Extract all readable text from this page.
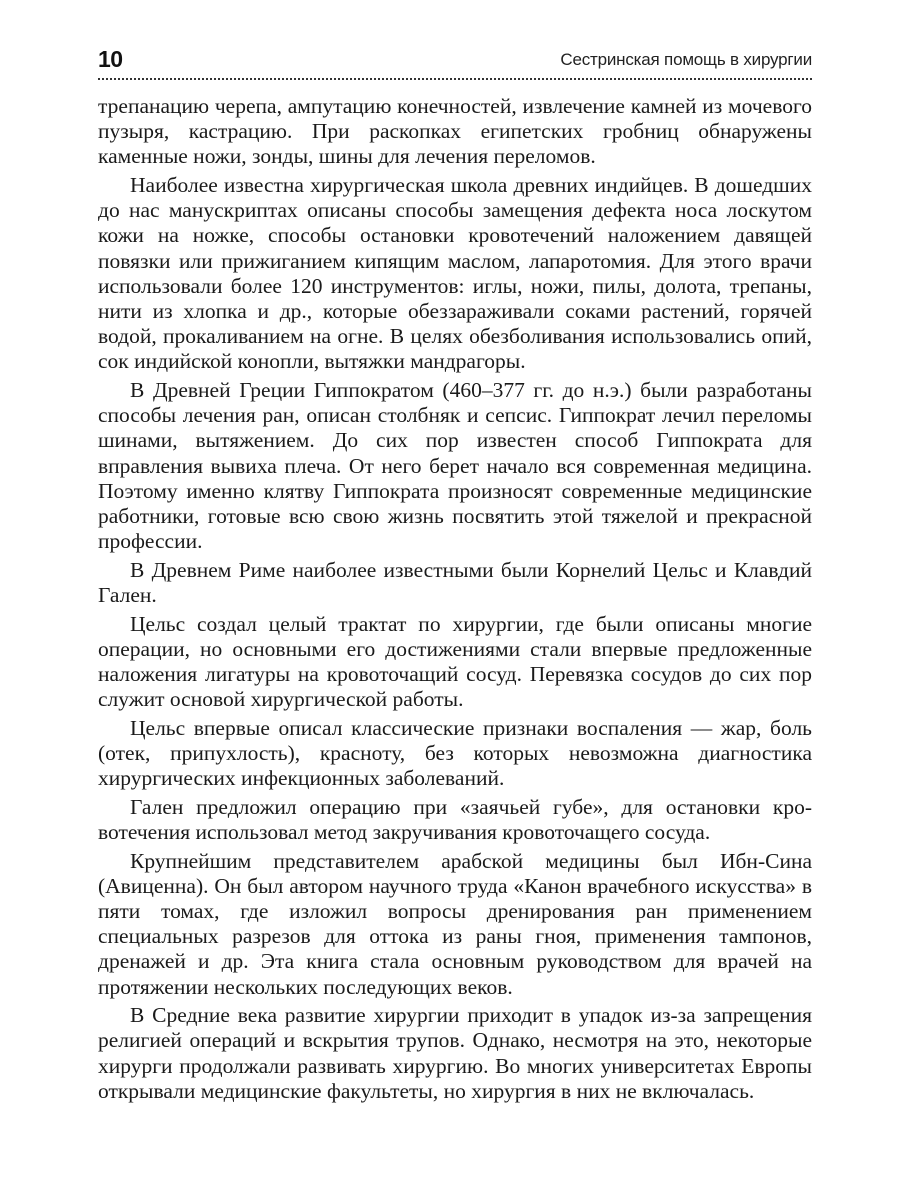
10	Сестринская помощь в хирургии

трепанацию черепа, ампутацию конечностей, извлечение камней из мочевого пузыря, кастрацию. При раскопках египетских гробниц обнаружены каменные ножи, зонды, шины для лечения переломов.

Наиболее известна хирургическая школа древних индийцев. В дошедших до нас манускриптах описаны способы замещения дефекта носа лоскутом кожи на ножке, способы остановки кровотечений наложением давящей повязки или прижиганием кипящим маслом, лапаротомия. Для этого врачи использовали более 120 инструментов: иглы, ножи, пилы, долота, трепаны, нити из хлопка и др., которые обеззараживали соками растений, горячей водой, прокаливанием на огне. В целях обезболивания использовались опий, сок индийской конопли, вытяжки мандрагоры.

В Древней Греции Гиппократом (460–377 гг. до н.э.) были разработаны способы лечения ран, описан столбняк и сепсис. Гиппократ лечил переломы шинами, вытяжением. До сих пор известен способ Гиппократа для вправления вывиха плеча. От него берет начало вся современная медицина. Поэтому именно клятву Гиппократа произносят современные медицинские работники, готовые всю свою жизнь посвятить этой тяжелой и прекрасной профессии.

В Древнем Риме наиболее известными были Корнелий Цельс и Клавдий Гален.

Цельс создал целый трактат по хирургии, где были описаны многие операции, но основными его достижениями стали впервые предложенные наложения лигатуры на кровоточащий сосуд. Перевязка сосудов до сих пор служит основой хирургической работы.

Цельс впервые описал классические признаки воспаления — жар, боль (отек, припухлость), красноту, без которых невозможна диагностика хирургических инфекционных заболеваний.

Гален предложил операцию при «заячьей губе», для остановки кровотечения использовал метод закручивания кровоточащего сосуда.

Крупнейшим представителем арабской медицины был Ибн-Сина (Авиценна). Он был автором научного труда «Канон врачебного искусства» в пяти томах, где изложил вопросы дренирования ран применением специальных разрезов для оттока из раны гноя, применения тампонов, дренажей и др. Эта книга стала основным руководством для врачей на протяжении нескольких последующих веков.

В Средние века развитие хирургии приходит в упадок из-за запрещения религией операций и вскрытия трупов. Однако, несмотря на это, некоторые хирурги продолжали развивать хирургию. Во многих университетах Европы открывали медицинские факультеты, но хирургия в них не включалась.
